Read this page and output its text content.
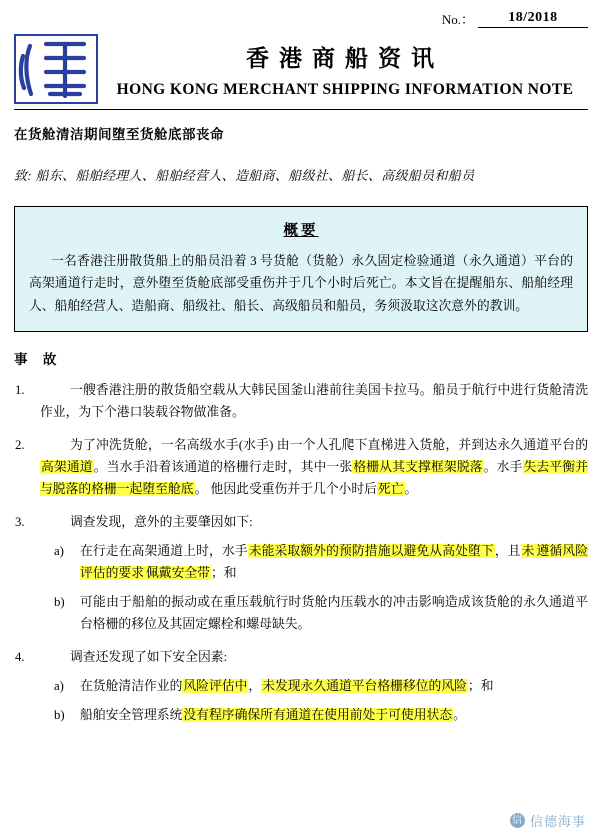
No.：	18/2018
香港商船资讯
HONG KONG MERCHANT SHIPPING INFORMATION NOTE
在货舱清洁期间堕至货舱底部丧命
致: 船东、船舶经理人、船舶经营人、造船商、船级社、船长、高级船员和船员
概要
一名香港注册散货船上的船员沿着 3 号货舱（货舱）永久固定检验通道（永久通道）平台的高架通道行走时，意外堕至货舱底部受重伤并于几个小时后死亡。本文旨在提醒船东、船舶经理人、船舶经营人、造船商、船级社、船长、高级船员和船员，务须汲取这次意外的教训。
事 故
1.	一艘香港注册的散货船空载从大韩民国釜山港前往美国卡拉马。船员于航行中进行货舱清洗作业，为下个港口装载谷物做准备。
2.	为了冲洗货舱，一名高级水手(水手) 由一个人孔爬下直梯进入货舱，并到达永久通道平台的高架通道。当水手沿着该通道的格栅行走时，其中一张格栅从其支撑框架脱落。水手失去平衡并与脱落的格栅一起堕至舱底。 他因此受重伤并于几个小时后死亡。
3.	调查发现，意外的主要肇因如下:
a)	在行走在高架通道上时，水手未能采取额外的预防措施以避免从高处堕下，且未 遵循风险评估的要求 佩戴安全带；和
b)	可能由于船舶的振动或在重压载航行时货舱内压载水的冲击影响造成该货舱的永久通道平台格栅的移位及其固定螺栓和螺母缺失。
4.	调查还发现了如下安全因素:
a)	在货舱清洁作业的风险评估中，未发现永久通道平台格栅移位的风险；和
b)	船舶安全管理系统没有程序确保所有通道在使用前处于可使用状态。
信 信德海事
